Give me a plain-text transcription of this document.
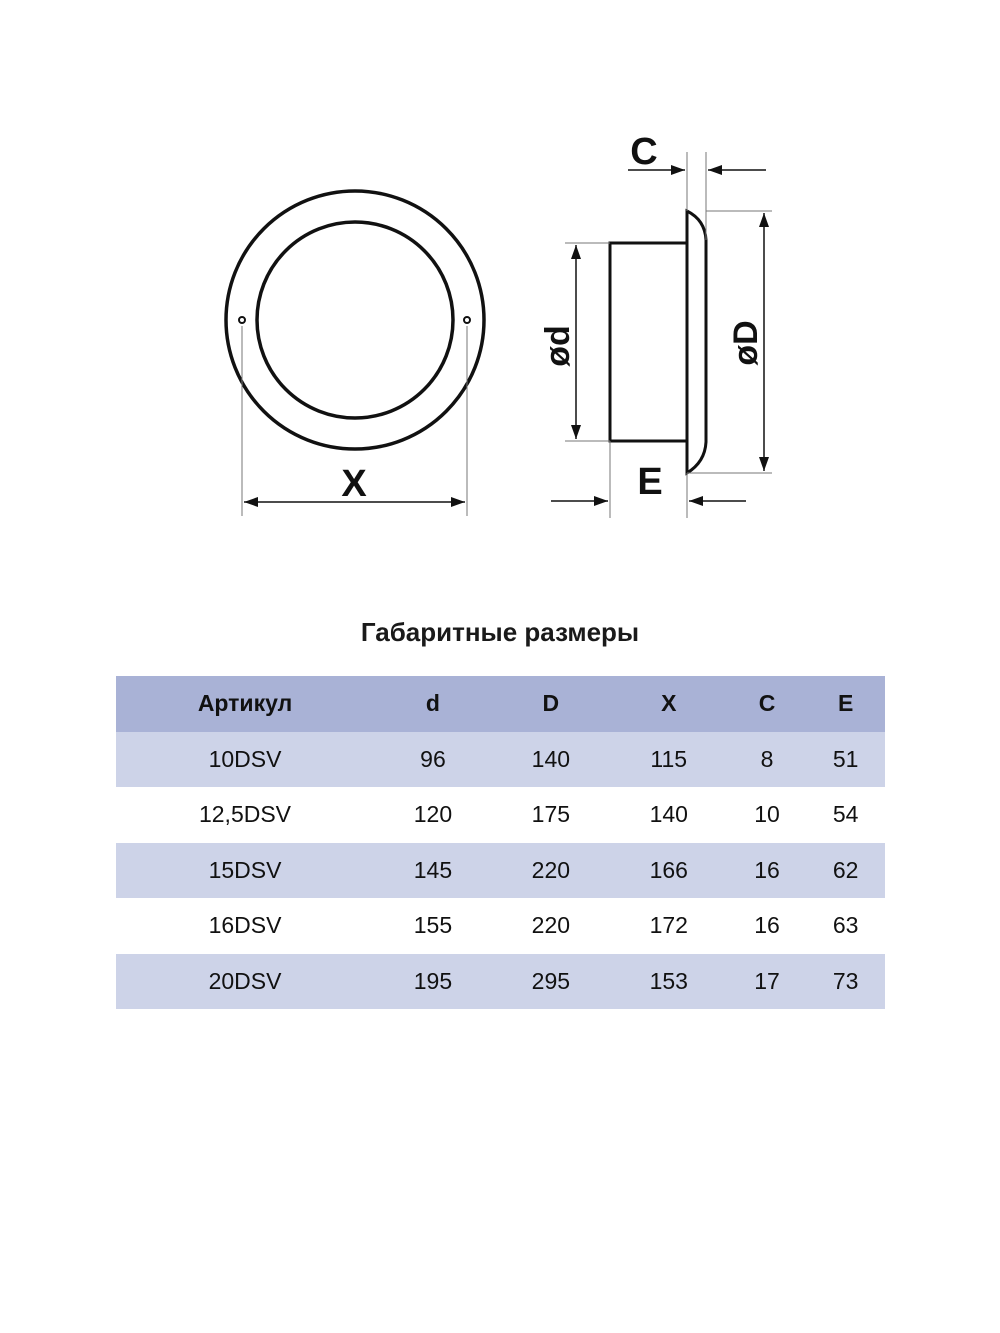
X
ød	øD
C
E
Габаритные размеры
Артикул	d	D	X	C	E
10DSV	96	140	115	8	51
12,5DSV	120	175	140	10	54
15DSV	145	220	166	16	62
16DSV	155	220	172	16	63
20DSV	195	295	153	17	73
